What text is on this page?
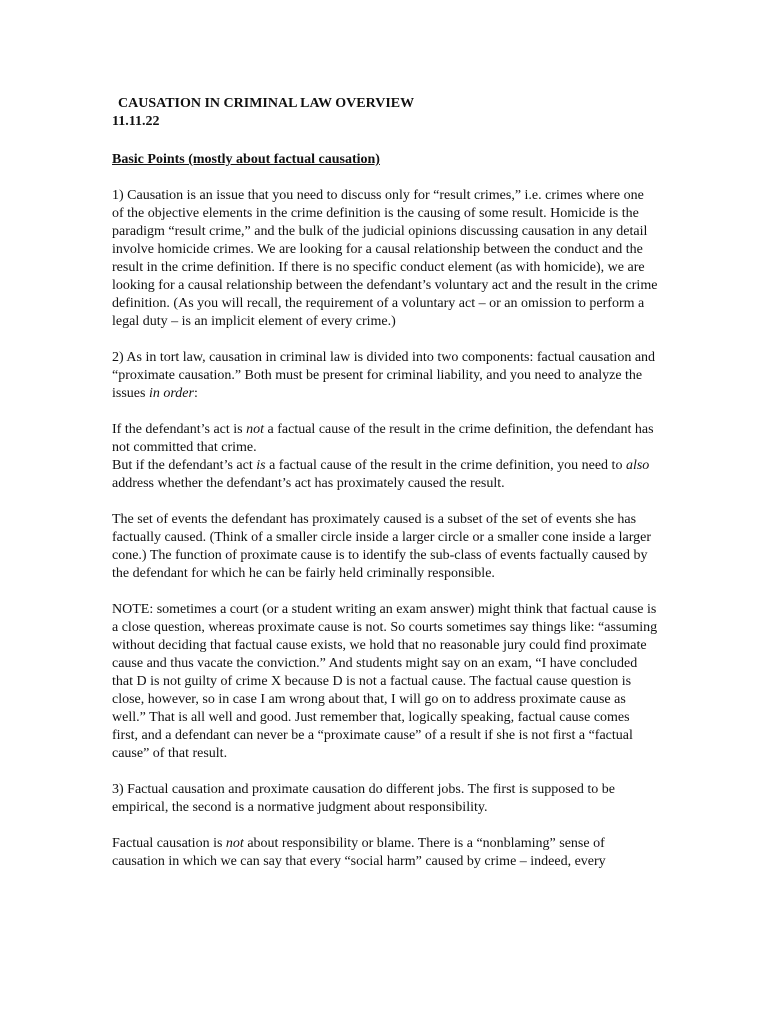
CAUSATION IN CRIMINAL LAW OVERVIEW
11.11.22
Basic Points (mostly about factual causation)

1) Causation is an issue that you need to discuss only for “result crimes,” i.e. crimes where one of the objective elements in the crime definition is the causing of some result. Homicide is the paradigm “result crime,” and the bulk of the judicial opinions discussing causation in any detail involve homicide crimes. We are looking for a causal relationship between the conduct and the result in the crime definition. If there is no specific conduct element (as with homicide), we are looking for a causal relationship between the defendant’s voluntary act and the result in the crime definition. (As you will recall, the requirement of a voluntary act – or an omission to perform a legal duty – is an implicit element of every crime.)

2) As in tort law, causation in criminal law is divided into two components: factual causation and “proximate causation.” Both must be present for criminal liability, and you need to analyze the issues in order:

If the defendant’s act is not a factual cause of the result in the crime definition, the defendant has not committed that crime.

But if the defendant’s act is a factual cause of the result in the crime definition, you need to also address whether the defendant’s act has proximately caused the result.

The set of events the defendant has proximately caused is a subset of the set of events she has factually caused. (Think of a smaller circle inside a larger circle or a smaller cone inside a larger cone.) The function of proximate cause is to identify the sub-class of events factually caused by the defendant for which he can be fairly held criminally responsible.

NOTE: sometimes a court (or a student writing an exam answer) might think that factual cause is a close question, whereas proximate cause is not. So courts sometimes say things like: “assuming without deciding that factual cause exists, we hold that no reasonable jury could find proximate cause and thus vacate the conviction.” And students might say on an exam, “I have concluded that D is not guilty of crime X because D is not a factual cause. The factual cause question is close, however, so in case I am wrong about that, I will go on to address proximate cause as well.” That is all well and good. Just remember that, logically speaking, factual cause comes first, and a defendant can never be a “proximate cause” of a result if she is not first a “factual cause” of that result.

3) Factual causation and proximate causation do different jobs. The first is supposed to be empirical, the second is a normative judgment about responsibility.

Factual causation is not about responsibility or blame. There is a “nonblaming” sense of causation in which we can say that every “social harm” caused by crime – indeed, every
